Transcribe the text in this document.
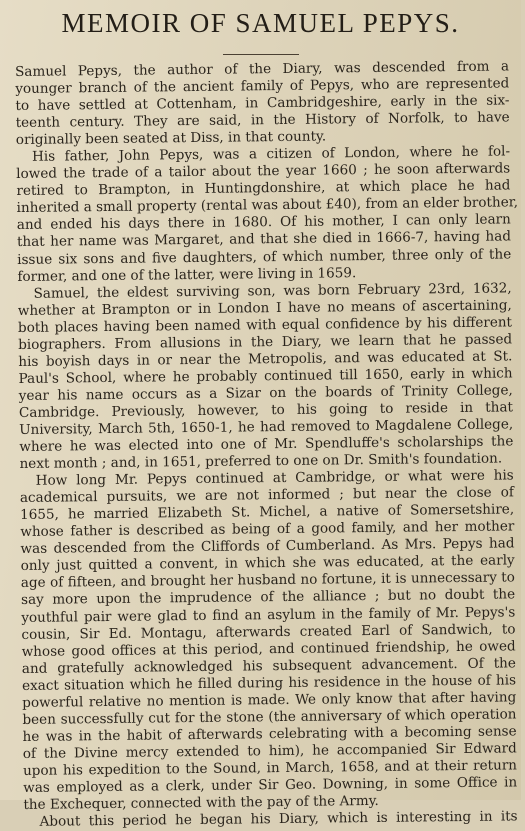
MEMOIR OF SAMUEL PEPYS.
Samuel Pepys, the author of the Diary, was descended from a
younger branch of the ancient family of Pepys, who are represented
to have settled at Cottenham, in Cambridgeshire, early in the six-
teenth century. They are said, in the History of Norfolk, to have
originally been seated at Diss, in that county.
His father, John Pepys, was a citizen of London, where he fol-
lowed the trade of a tailor about the year 1660 ; he soon afterwards
retired to Brampton, in Huntingdonshire, at which place he had
inherited a small property (rental was about £40), from an elder brother,
and ended his days there in 1680. Of his mother, I can only learn
that her name was Margaret, and that she died in 1666-7, having had
issue six sons and five daughters, of which number, three only of the
former, and one of the latter, were living in 1659.
Samuel, the eldest surviving son, was born February 23rd, 1632,
whether at Brampton or in London I have no means of ascertaining,
both places having been named with equal confidence by his different
biographers. From allusions in the Diary, we learn that he passed
his boyish days in or near the Metropolis, and was educated at St.
Paul's School, where he probably continued till 1650, early in which
year his name occurs as a Sizar on the boards of Trinity College,
Cambridge. Previously, however, to his going to reside in that
University, March 5th, 1650-1, he had removed to Magdalene College,
where he was elected into one of Mr. Spendluffe's scholarships the
next month ; and, in 1651, preferred to one on Dr. Smith's foundation.
How long Mr. Pepys continued at Cambridge, or what were his
academical pursuits, we are not informed ; but near the close of
1655, he married Elizabeth St. Michel, a native of Somersetshire,
whose father is described as being of a good family, and her mother
was descended from the Cliffords of Cumberland. As Mrs. Pepys had
only just quitted a convent, in which she was educated, at the early
age of fifteen, and brought her husband no fortune, it is unnecessary to
say more upon the imprudence of the alliance ; but no doubt the
youthful pair were glad to find an asylum in the family of Mr. Pepys's
cousin, Sir Ed. Montagu, afterwards created Earl of Sandwich, to
whose good offices at this period, and continued friendship, he owed
and gratefully acknowledged his subsequent advancement. Of the
exact situation which he filled during his residence in the house of his
powerful relative no mention is made. We only know that after having
been successfully cut for the stone (the anniversary of which operation
he was in the habit of afterwards celebrating with a becoming sense
of the Divine mercy extended to him), he accompanied Sir Edward
upon his expedition to the Sound, in March, 1658, and at their return
was employed as a clerk, under Sir Geo. Downing, in some Office in
the Exchequer, connected with the pay of the Army.
About this period he began his Diary, which is interesting in its
